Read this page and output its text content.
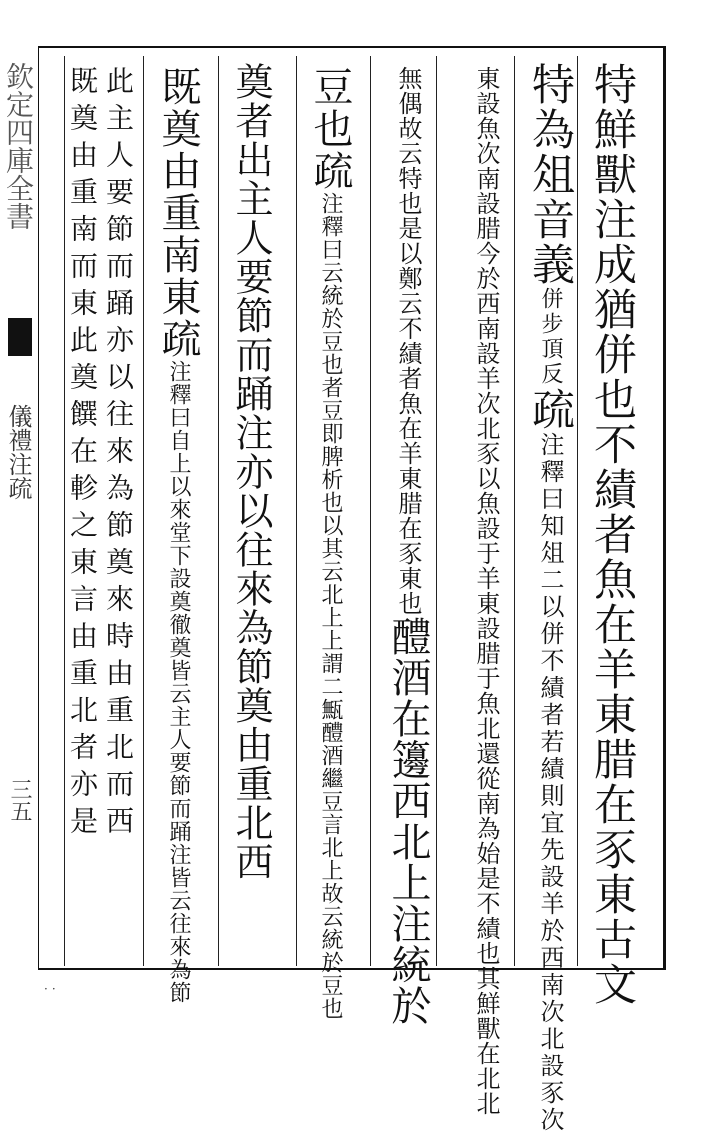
欽定四庫全書
儀禮注疏
三五
··	特鮮獸注成猶併也不績者魚在羊東腊在豕東古文
特為俎音義併步頂反疏注釋曰知俎二以併不績者若績則宜先設羊於西南次北設豕次
東設魚次南設腊今於西南設羊次北豕以魚設于羊東設腊于魚北還從南為始是不績也其鮮獸在北北
無偶故云特也是以鄭云不績者魚在羊東腊在豕東也醴酒在籩西北上注統於
豆也疏注釋曰云統於豆也者豆即脾析也以其云北上上謂二甒醴酒繼豆言北上故云統於豆也
奠者出主人要節而踊注亦以往來為節奠由重北西
既奠由重南東疏注釋曰自上以來堂下設奠徹奠皆云主人要節而踊注皆云往來為節
此主人要節而踊亦以往來為節奠來時由重北而西
既奠由重南而東此奠饌在軫之東言由重北者亦是
